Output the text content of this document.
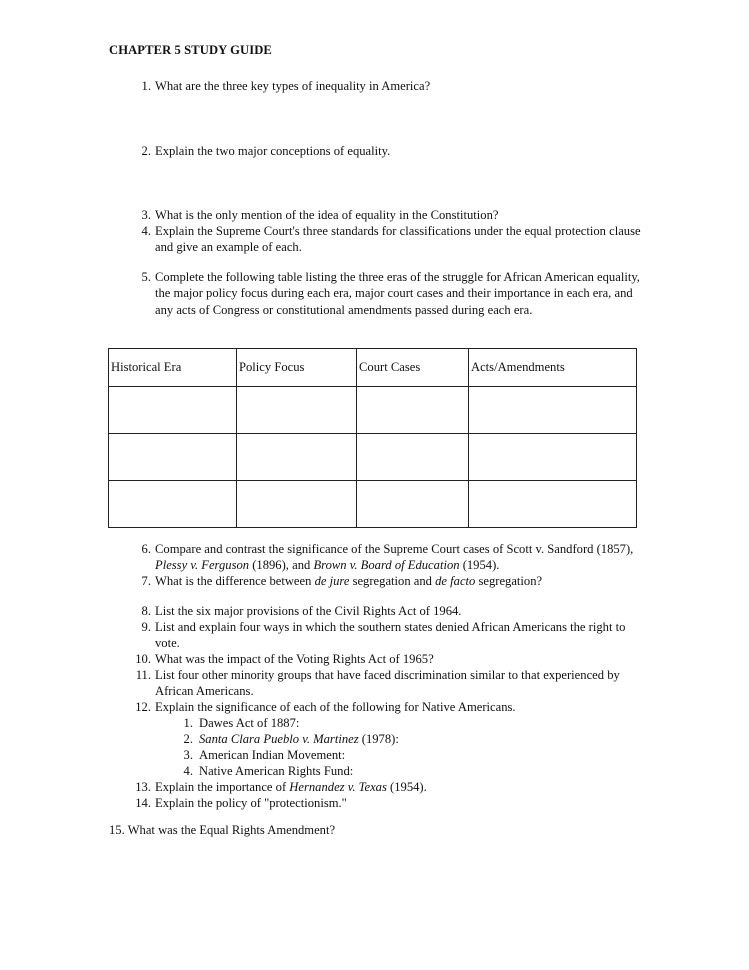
CHAPTER 5 STUDY GUIDE
1. What are the three key types of inequality in America?
2. Explain the two major conceptions of equality.
3. What is the only mention of the idea of equality in the Constitution?
4. Explain the Supreme Court's three standards for classifications under the equal protection clause and give an example of each.
5. Complete the following table listing the three eras of the struggle for African American equality, the major policy focus during each era, major court cases and their importance in each era, and any acts of Congress or constitutional amendments passed during each era.
Historical Era	Policy Focus	Court Cases	Acts/Amendments

6. Compare and contrast the significance of the Supreme Court cases of Scott v. Sandford (1857), Plessy v. Ferguson (1896), and Brown v. Board of Education (1954).
7. What is the difference between de jure segregation and de facto segregation?
8. List the six major provisions of the Civil Rights Act of 1964.
9. List and explain four ways in which the southern states denied African Americans the right to vote.
10. What was the impact of the Voting Rights Act of 1965?
11. List four other minority groups that have faced discrimination similar to that experienced by African Americans.
12. Explain the significance of each of the following for Native Americans.
1. Dawes Act of 1887:
2. Santa Clara Pueblo v. Martinez (1978):
3. American Indian Movement:
4. Native American Rights Fund:
13. Explain the importance of Hernandez v. Texas (1954).
14. Explain the policy of "protectionism."
15. What was the Equal Rights Amendment?
